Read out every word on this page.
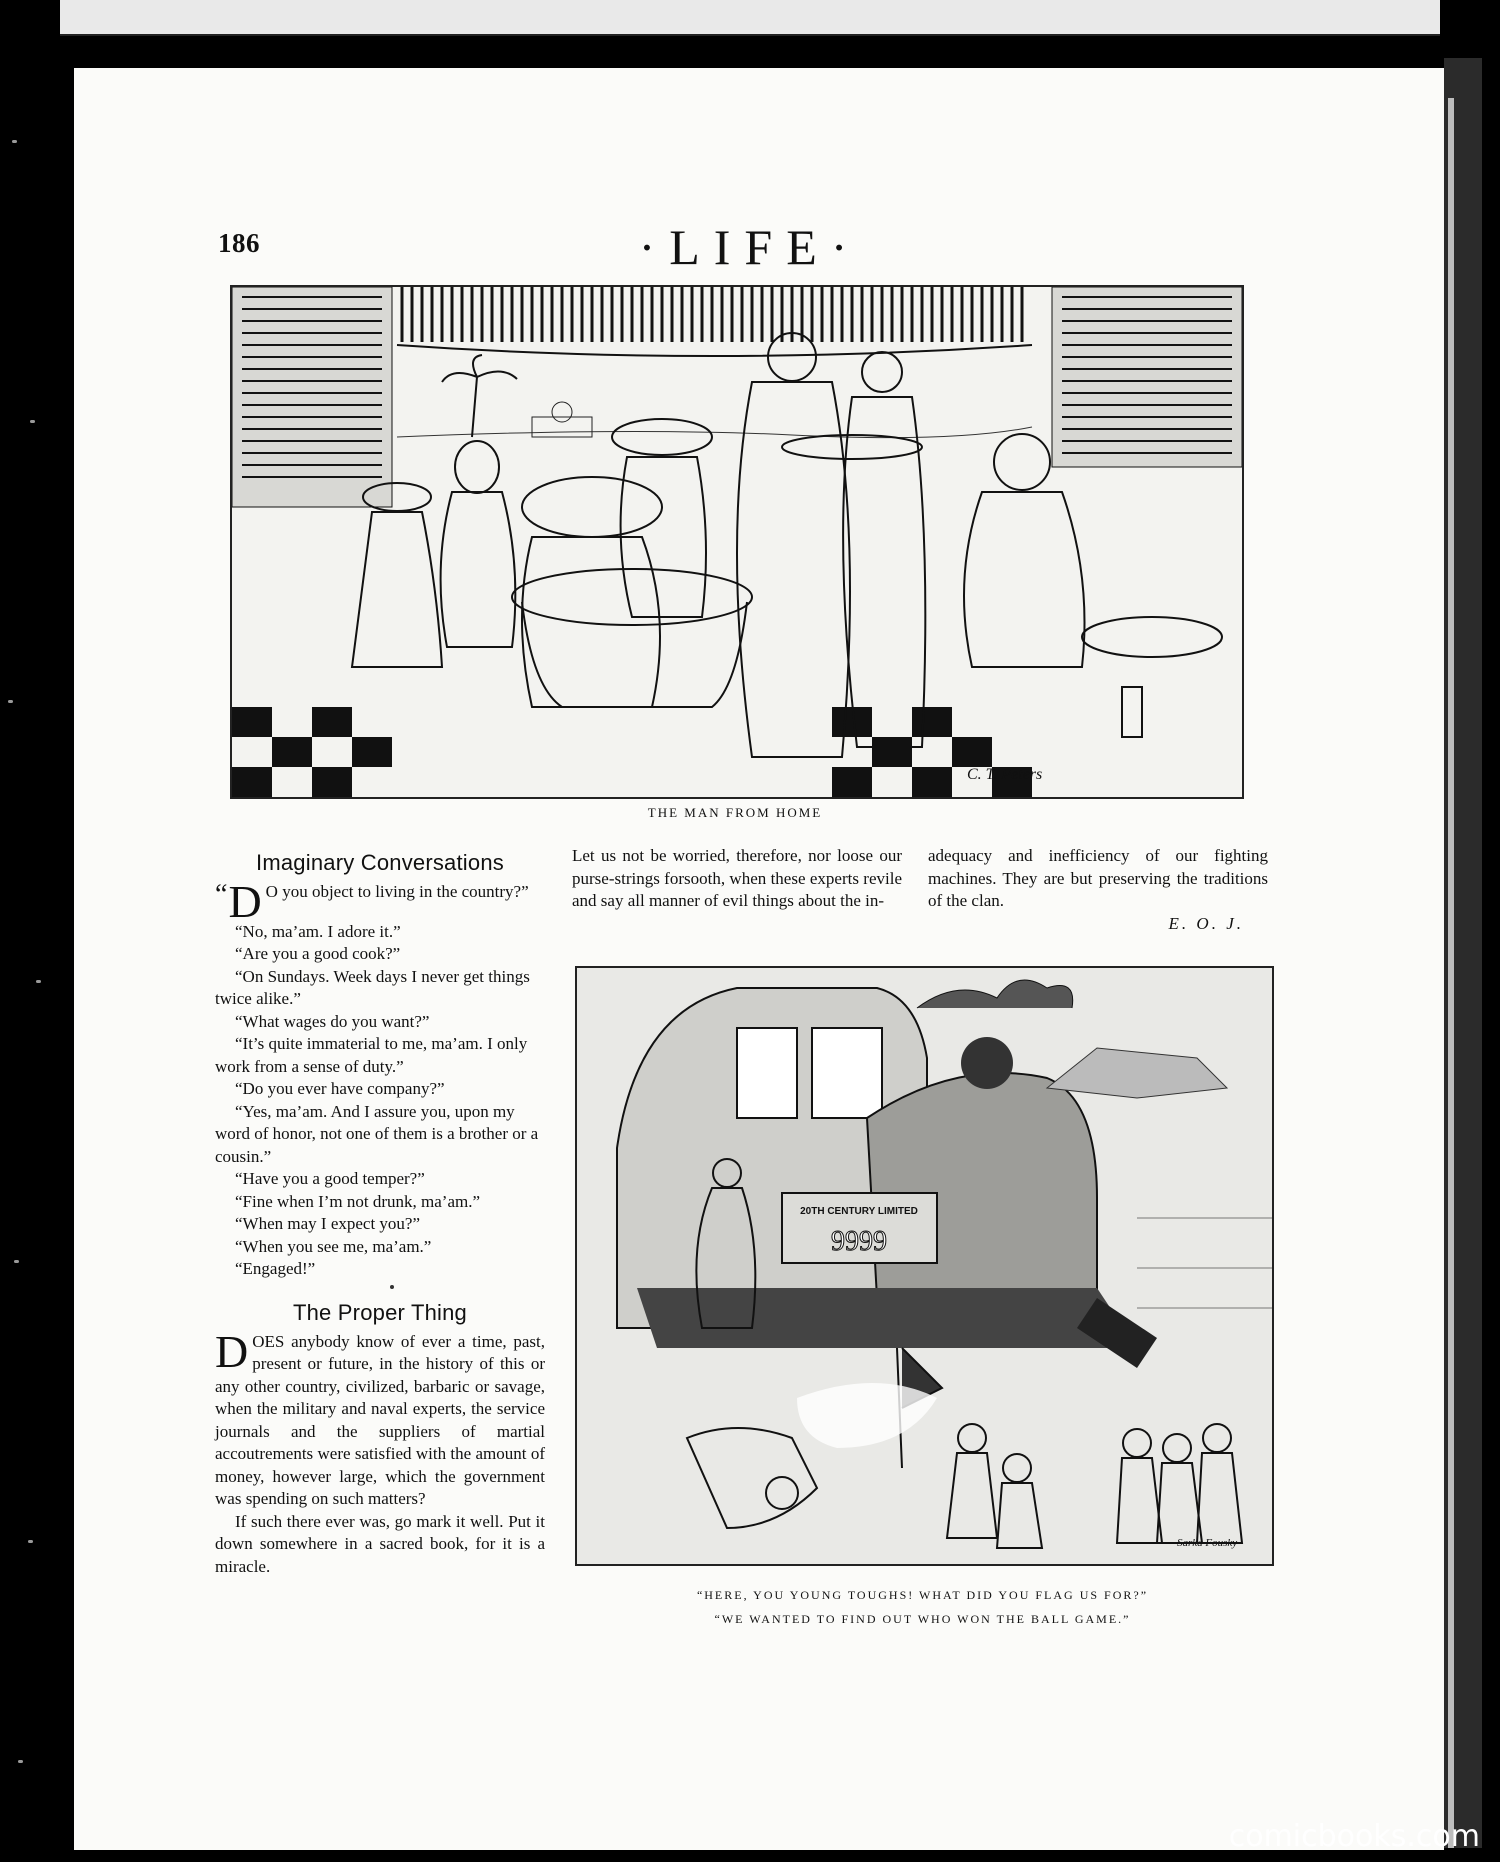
186	·LIFE·
C. T. Peters
THE MAN FROM HOME
Imaginary Conversations

“ D O you object to living in the country?”

“No, ma’am. I adore it.”

“Are you a good cook?”

“On Sundays. Week days I never get things twice alike.”

“What wages do you want?”

“It’s quite immaterial to me, ma’am. I only work from a sense of duty.”

“Do you ever have company?”

“Yes, ma’am. And I assure you, upon my word of honor, not one of them is a brother or a cousin.”

“Have you a good temper?”

“Fine when I’m not drunk, ma’am.”

“When may I expect you?”

“When you see me, ma’am.”

“Engaged!”

The Proper Thing

DOES anybody know of ever a time, past, present or future, in the history of this or any other country, civilized, barbaric or savage, when the military and naval experts, the service journals and the suppliers of martial accoutrements were satisfied with the amount of money, however large, which the government was spending on such matters?

If such there ever was, go mark it well. Put it down somewhere in a sacred book, for it is a miracle.

Let us not be worried, therefore, nor loose our purse-strings forsooth, when these experts revile and say all manner of evil things about the in-

adequacy and inefficiency of our fighting machines. They are but preserving the traditions of the clan.

E. O. J.

20TH CENTURY LIMITED
9999
Sarka Fousky
“HERE, YOU YOUNG TOUGHS! WHAT DID YOU FLAG US FOR?”
“WE WANTED TO FIND OUT WHO WON THE BALL GAME.”
comicbooks.com
